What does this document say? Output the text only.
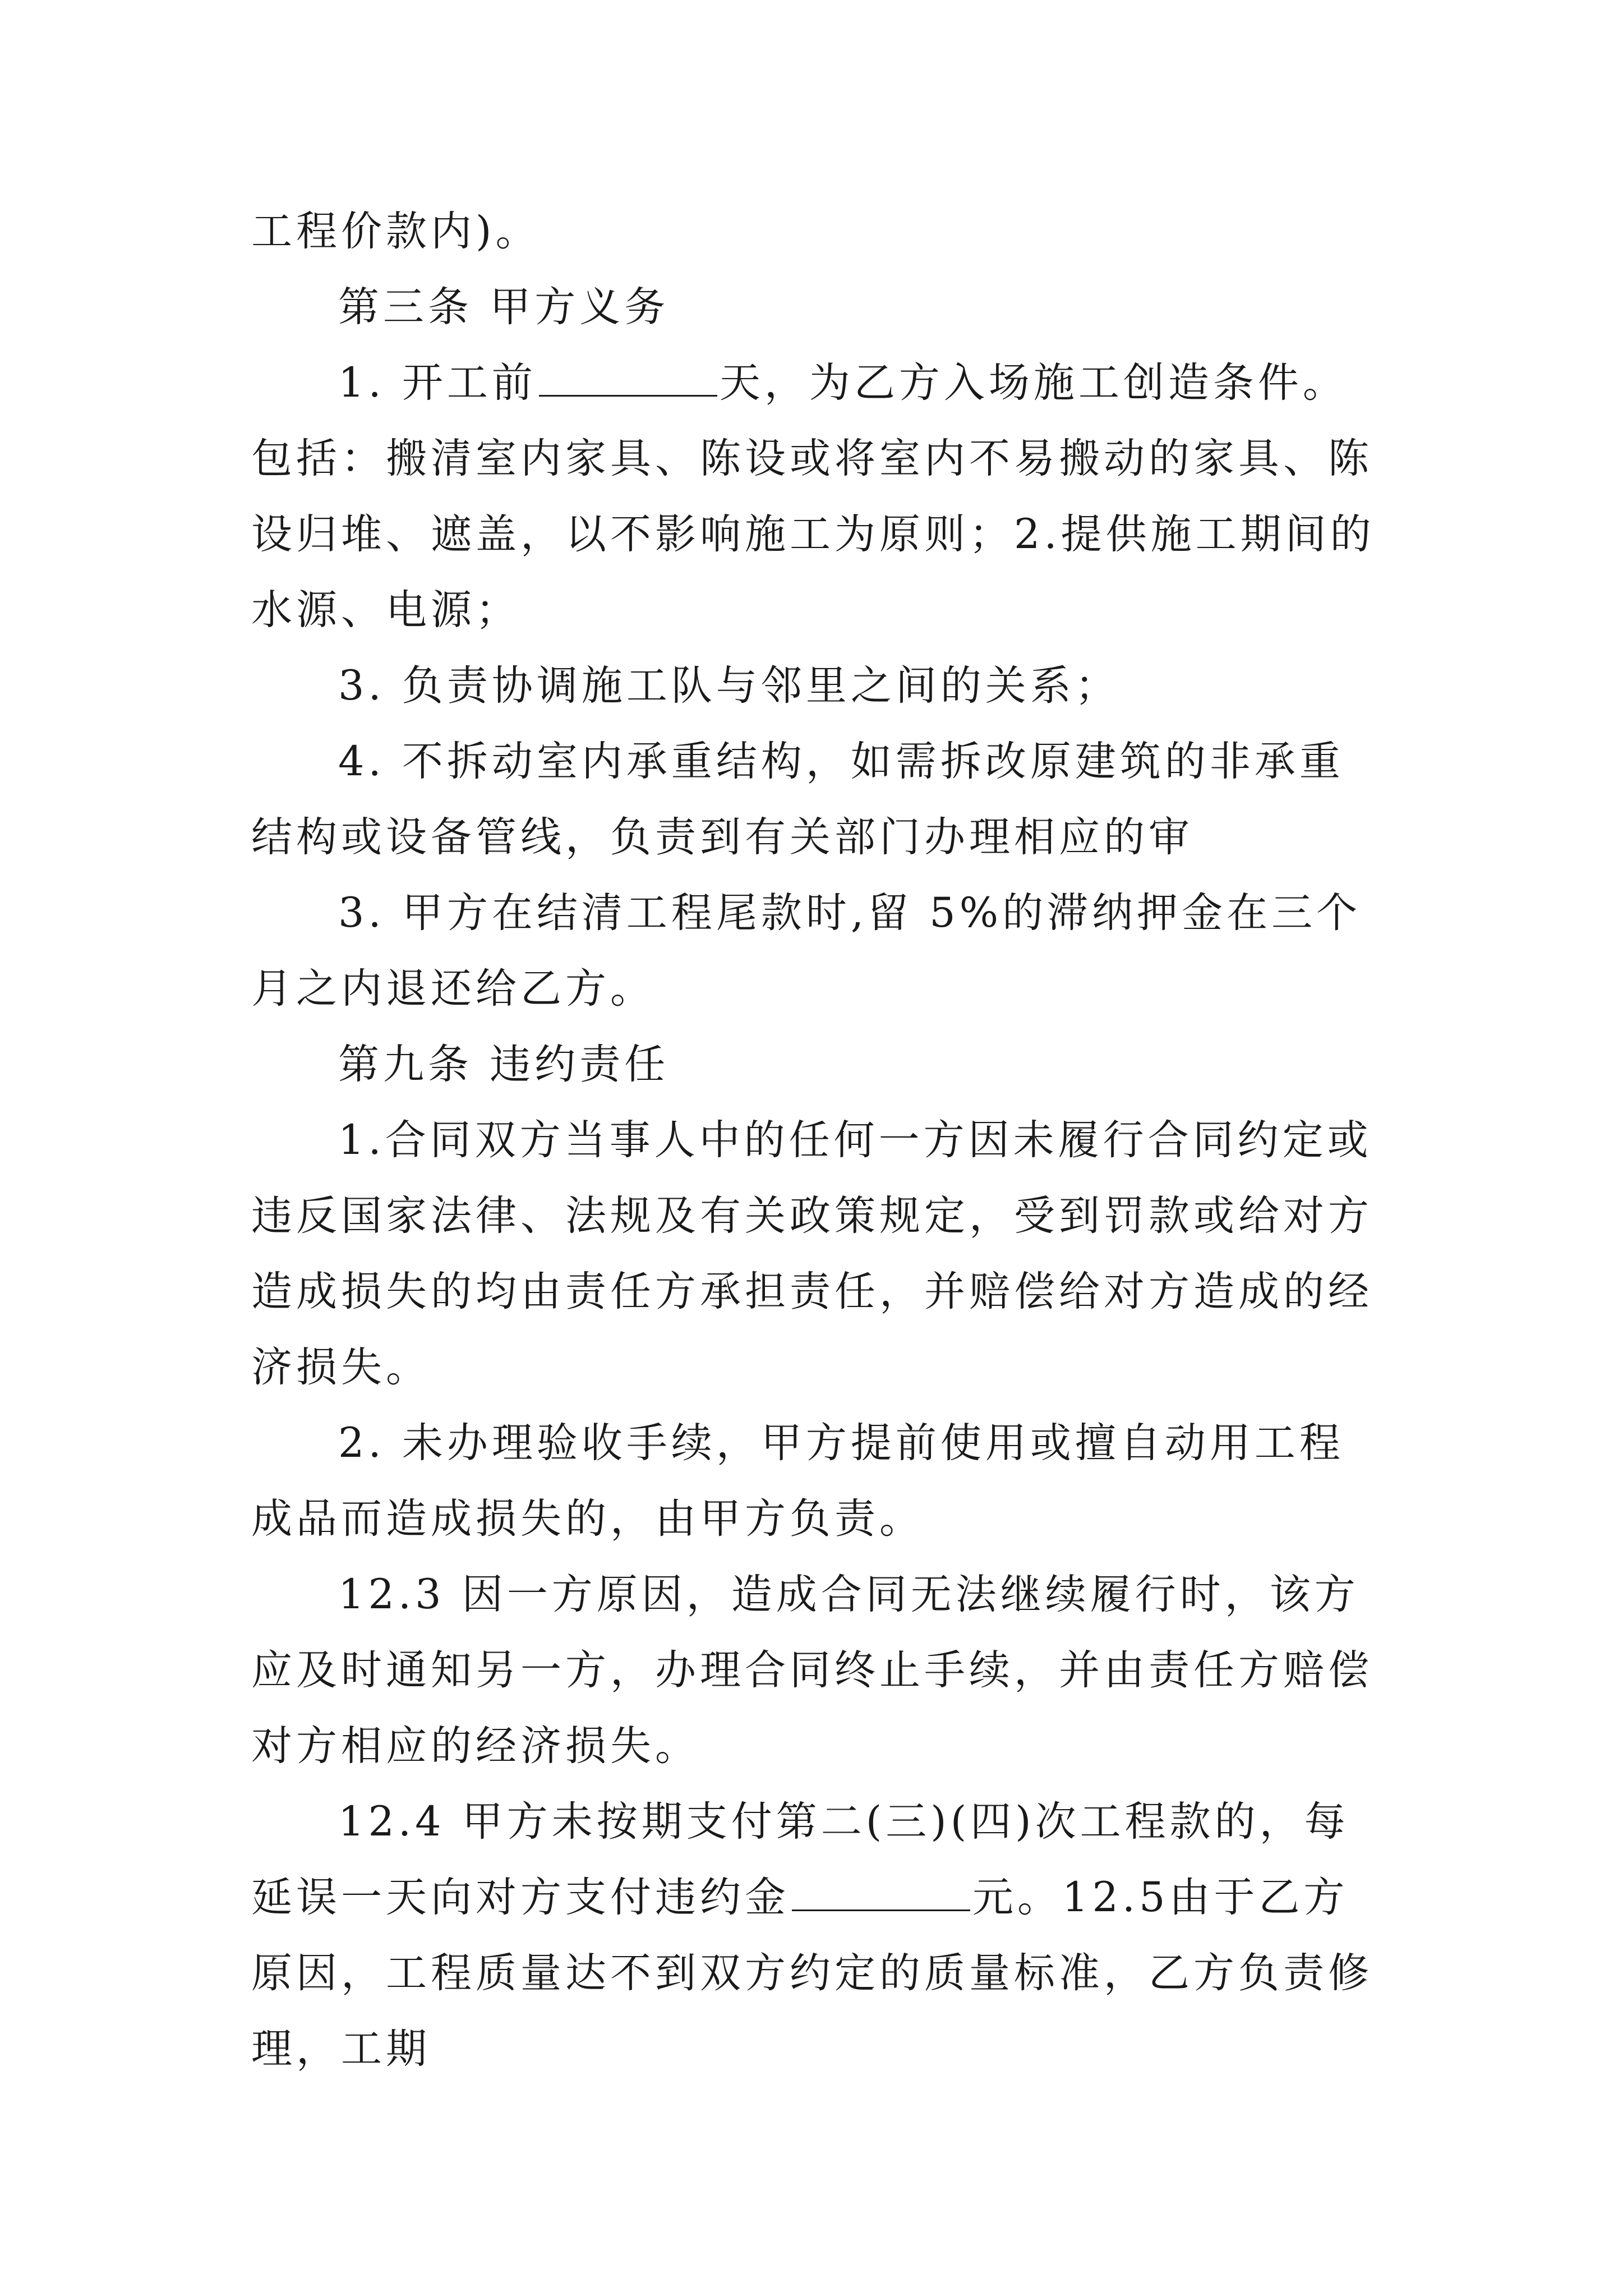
工程价款内)。

第三条 甲方义务

1. 开工前	天，为乙方入场施工创造条件。包括：搬清室内家具、陈设或将室内不易搬动的家具、陈设归堆、遮盖，以不影响施工为原则；2.提供施工期间的水源、电源；

3. 负责协调施工队与邻里之间的关系；

4. 不拆动室内承重结构，如需拆改原建筑的非承重结构或设备管线，负责到有关部门办理相应的审

3. 甲方在结清工程尾款时,留 5%的滞纳押金在三个月之内退还给乙方。

第九条 违约责任

1.合同双方当事人中的任何一方因未履行合同约定或违反国家法律、法规及有关政策规定，受到罚款或给对方造成损失的均由责任方承担责任，并赔偿给对方造成的经济损失。

2. 未办理验收手续，甲方提前使用或擅自动用工程成品而造成损失的，由甲方负责。

12.3 因一方原因，造成合同无法继续履行时，该方应及时通知另一方，办理合同终止手续，并由责任方赔偿对方相应的经济损失。

12.4 甲方未按期支付第二(三)(四)次工程款的，每延误一天向对方支付违约金	元。12.5由于乙方原因，工程质量达不到双方约定的质量标准，乙方负责修理，工期
